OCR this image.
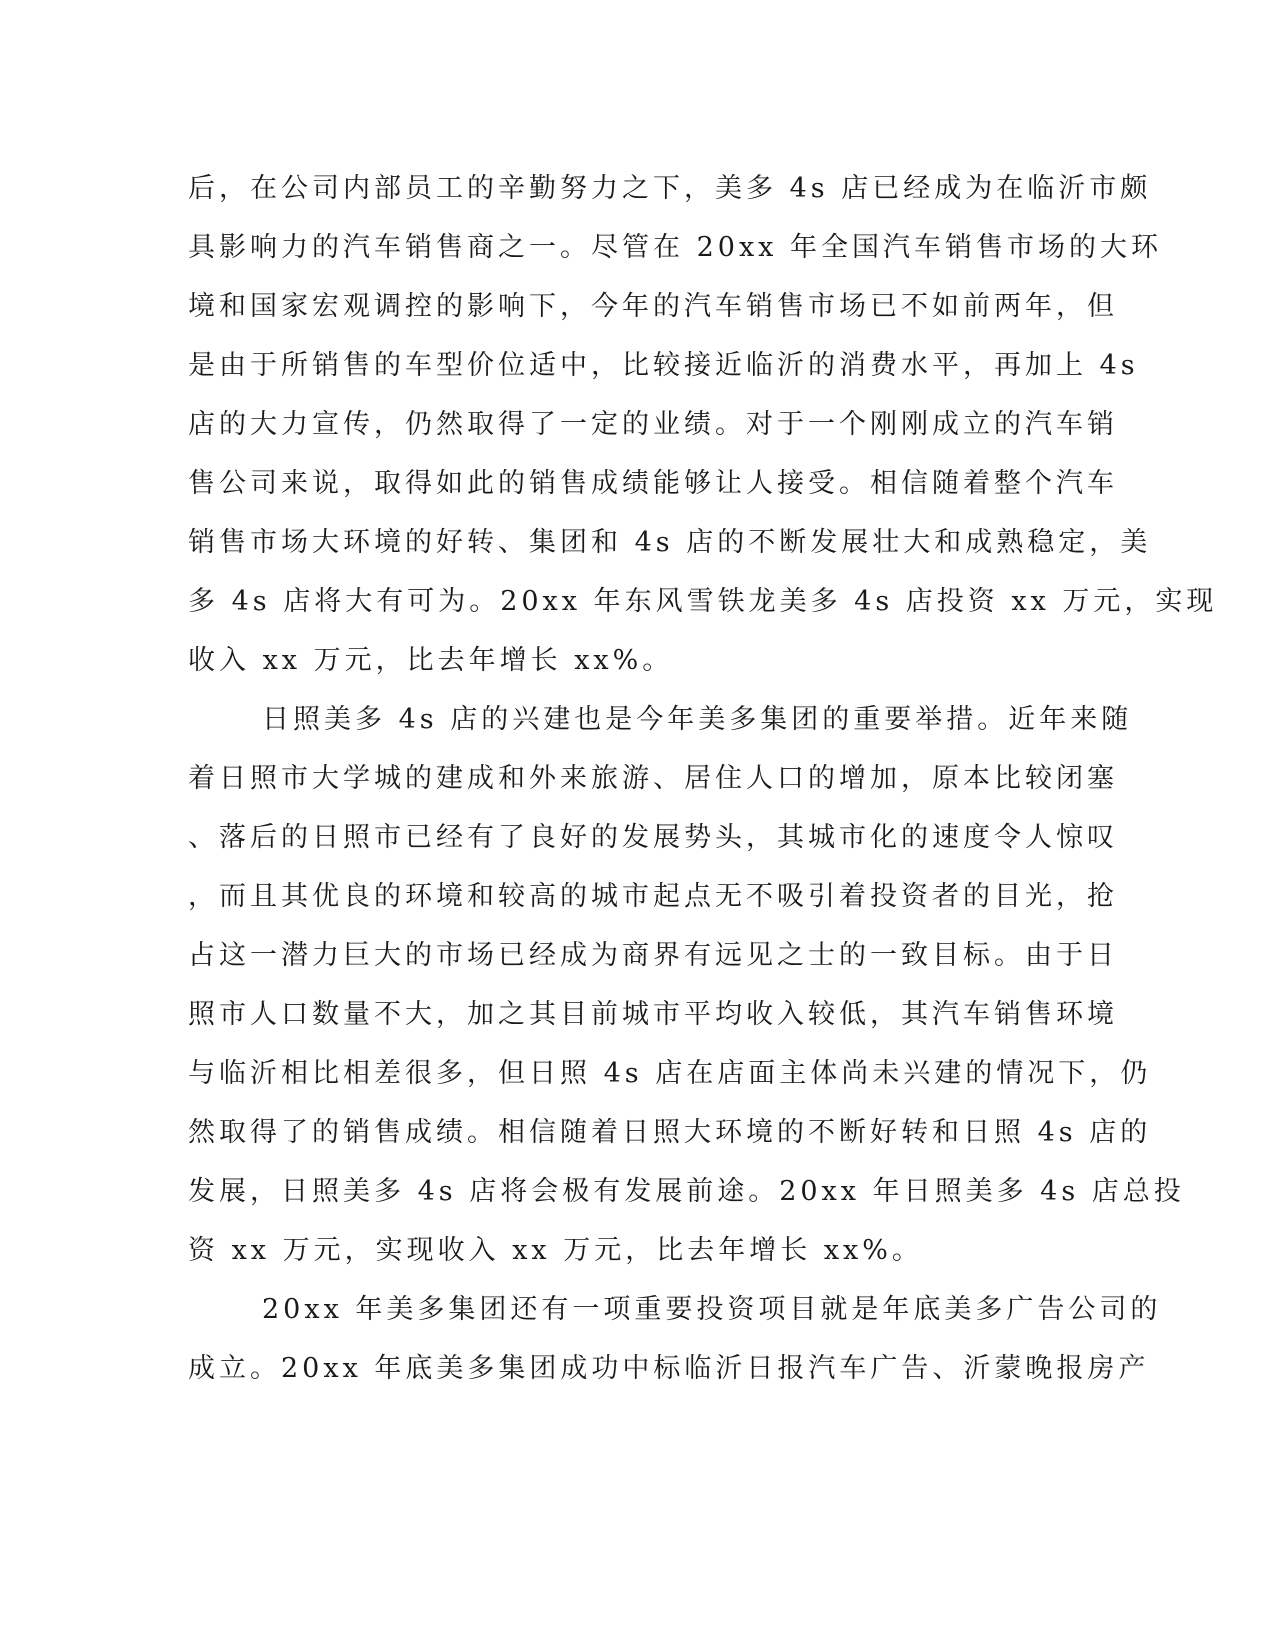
后，在公司内部员工的辛勤努力之下，美多 4s 店已经成为在临沂市颇
具影响力的汽车销售商之一。尽管在 20xx 年全国汽车销售市场的大环
境和国家宏观调控的影响下，今年的汽车销售市场已不如前两年，但
是由于所销售的车型价位适中，比较接近临沂的消费水平，再加上 4s
店的大力宣传，仍然取得了一定的业绩。对于一个刚刚成立的汽车销
售公司来说，取得如此的销售成绩能够让人接受。相信随着整个汽车
销售市场大环境的好转、集团和 4s 店的不断发展壮大和成熟稳定，美
多 4s 店将大有可为。20xx 年东风雪铁龙美多 4s 店投资 xx 万元，实现
收入 xx 万元，比去年增长 xx%。
日照美多 4s 店的兴建也是今年美多集团的重要举措。近年来随
着日照市大学城的建成和外来旅游、居住人口的增加，原本比较闭塞
、落后的日照市已经有了良好的发展势头，其城市化的速度令人惊叹
，而且其优良的环境和较高的城市起点无不吸引着投资者的目光，抢
占这一潜力巨大的市场已经成为商界有远见之士的一致目标。由于日
照市人口数量不大，加之其目前城市平均收入较低，其汽车销售环境
与临沂相比相差很多，但日照 4s 店在店面主体尚未兴建的情况下，仍
然取得了的销售成绩。相信随着日照大环境的不断好转和日照 4s 店的
发展，日照美多 4s 店将会极有发展前途。20xx 年日照美多 4s 店总投
资 xx 万元，实现收入 xx 万元，比去年增长 xx%。
20xx 年美多集团还有一项重要投资项目就是年底美多广告公司的
成立。20xx 年底美多集团成功中标临沂日报汽车广告、沂蒙晚报房产
